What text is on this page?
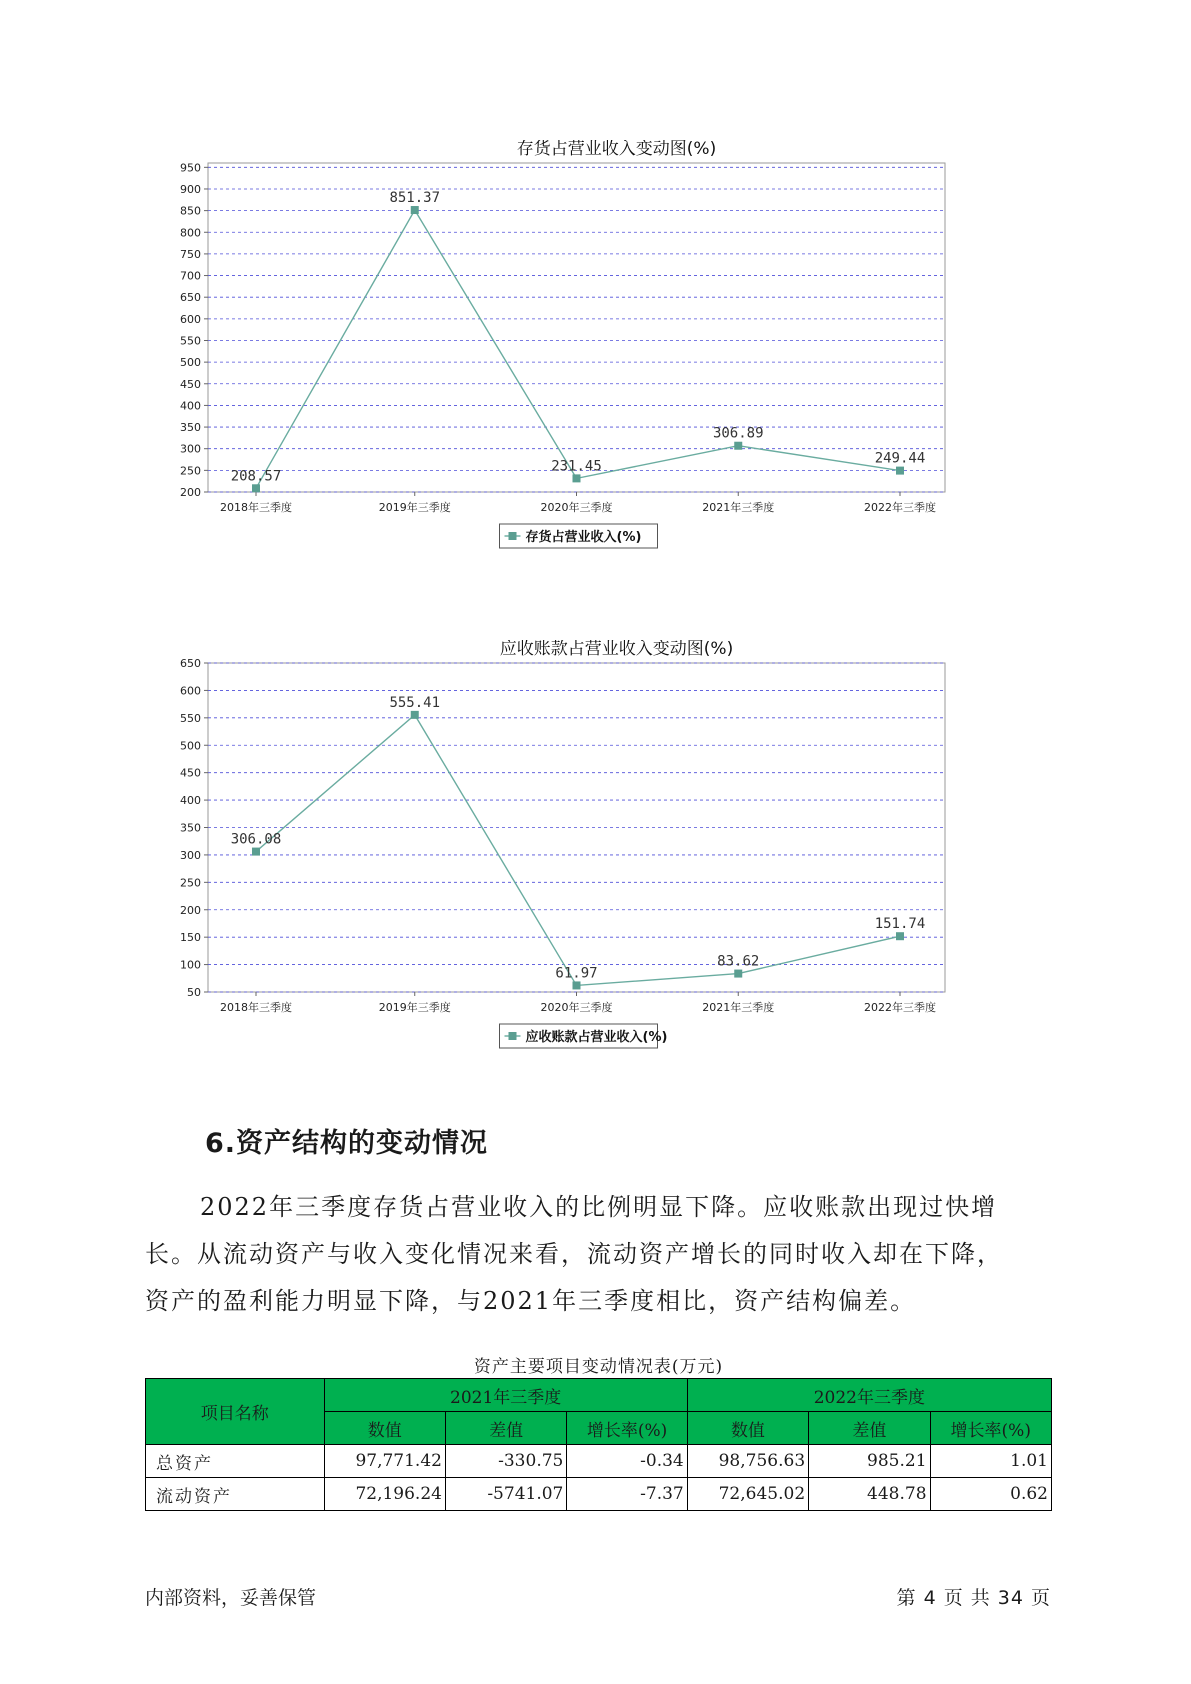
存货占营业收入变动图(%)
200
250
300
350
400
450
500
550
600
650
700
750
800
850
900
950
2018年三季度	2019年三季度	2020年三季度	2021年三季度	2022年三季度
208.57
851.37
231.45
306.89
249.44
存货占营业收入(%)
应收账款占营业收入变动图(%)
50
100
150
200
250
300
350
400
450
500
550
600
650
2018年三季度	2019年三季度	2020年三季度	2021年三季度	2022年三季度
306.08
555.41
61.97
83.62
151.74
应收账款占营业收入(%)
6.资产结构的变动情况
2022年三季度存货占营业收入的比例明显下降。应收账款出现过快增
长。从流动资产与收入变化情况来看，流动资产增长的同时收入却在下降，
资产的盈利能力明显下降，与2021年三季度相比，资产结构偏差。
资产主要项目变动情况表(万元)
项目名称	2021年三季度			2022年三季度		
	数值	差值	增长率(%)	数值	差值	增长率(%)
总资产	97,771.42	-330.75	-0.34	98,756.63	985.21	1.01
流动资产	72,196.24	-5741.07	-7.37	72,645.02	448.78	0.62
内部资料，妥善保管	第 4 页 共 34 页
